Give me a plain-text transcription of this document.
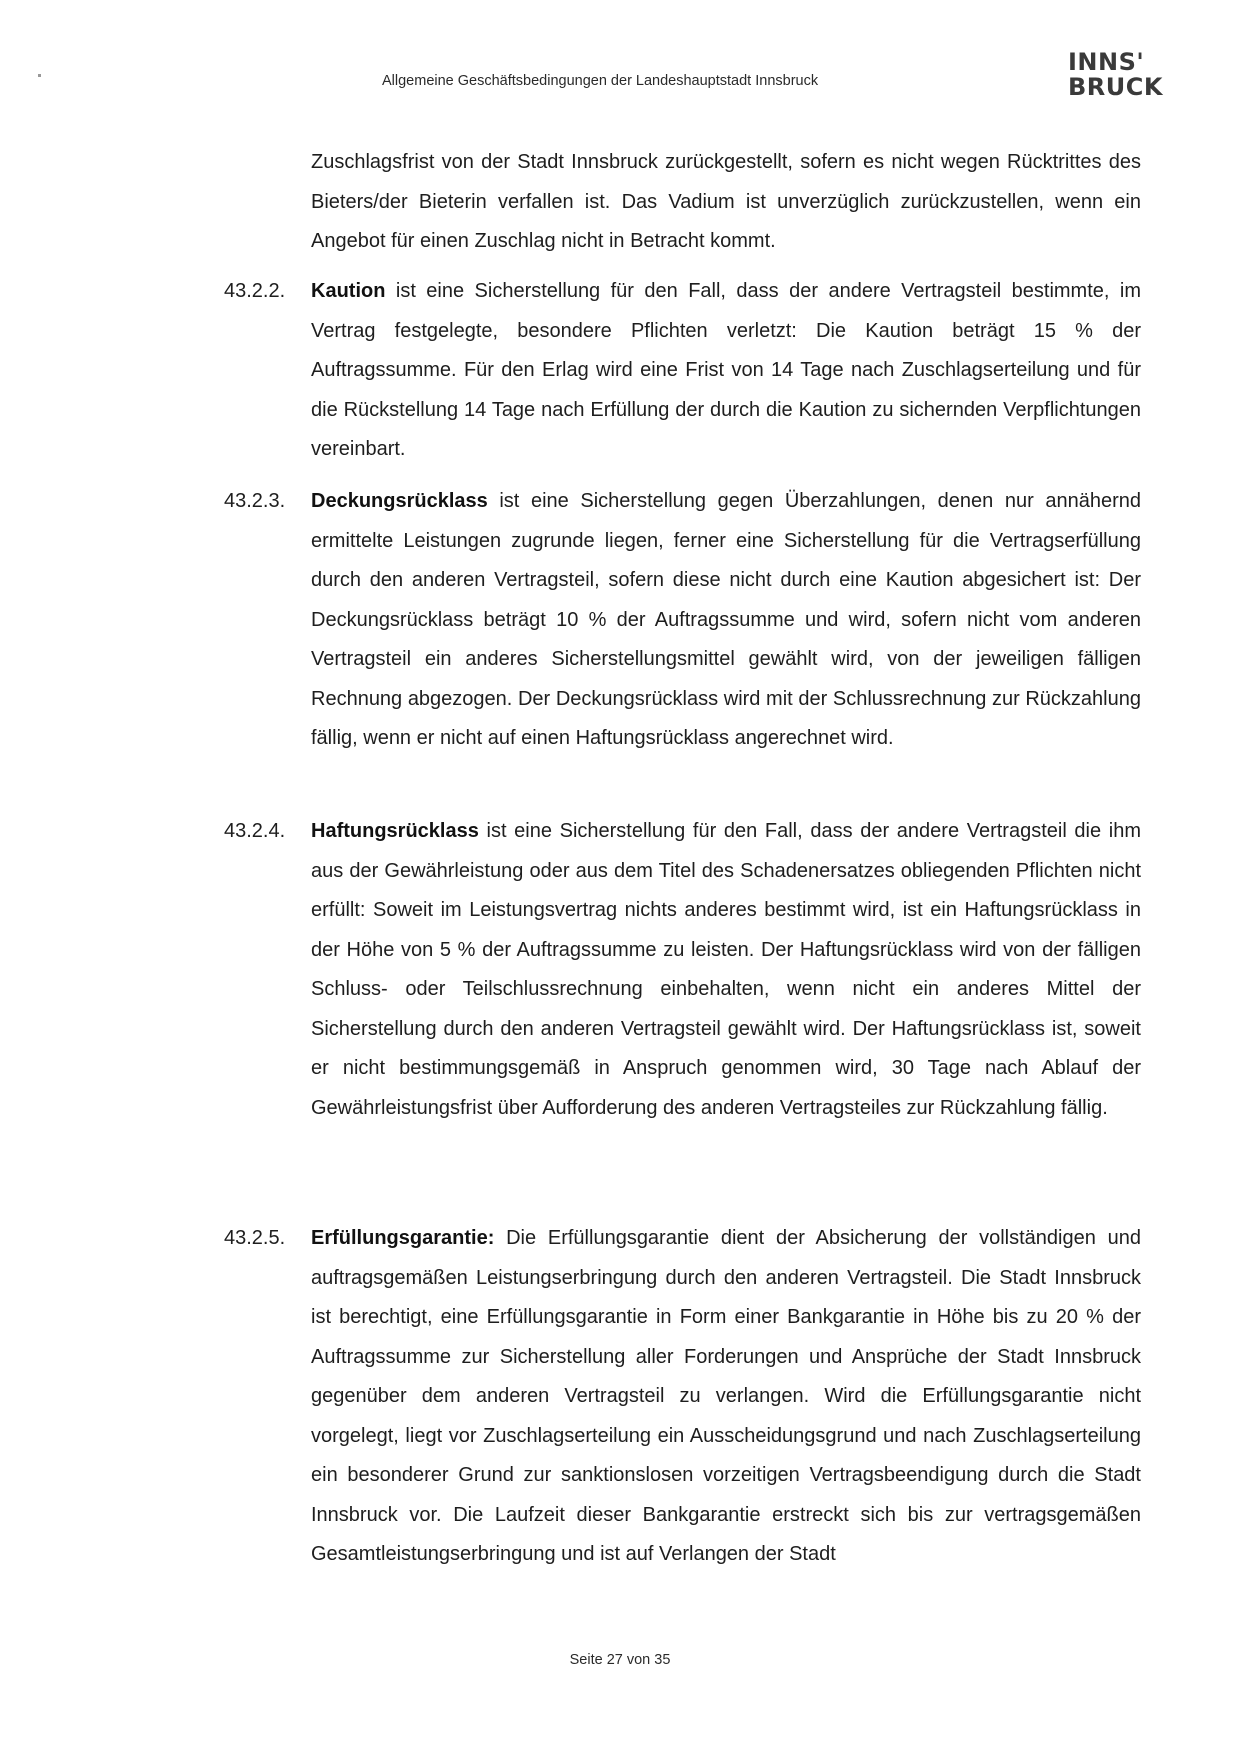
Allgemeine Geschäftsbedingungen der Landeshauptstadt Innsbruck
INNS'
BRUCK
Zuschlagsfrist von der Stadt Innsbruck zurückgestellt, sofern es nicht wegen Rücktrittes des Bieters/der Bieterin verfallen ist. Das Vadium ist unverzüglich zurückzustellen, wenn ein Angebot für einen Zuschlag nicht in Betracht kommt.
43.2.2.	Kaution ist eine Sicherstellung für den Fall, dass der andere Vertragsteil bestimmte, im Vertrag festgelegte, besondere Pflichten verletzt: Die Kaution beträgt 15 % der Auftragssumme. Für den Erlag wird eine Frist von 14 Tage nach Zuschlagserteilung und für die Rückstellung 14 Tage nach Erfüllung der durch die Kaution zu sichernden Verpflichtungen vereinbart.
43.2.3.	Deckungsrücklass ist eine Sicherstellung gegen Überzahlungen, denen nur annähernd ermittelte Leistungen zugrunde liegen, ferner eine Sicherstellung für die Vertragserfüllung durch den anderen Vertragsteil, sofern diese nicht durch eine Kaution abgesichert ist: Der Deckungsrücklass beträgt 10 % der Auftragssumme und wird, sofern nicht vom anderen Vertragsteil ein anderes Sicherstellungsmittel gewählt wird, von der jeweiligen fälligen Rechnung abgezogen. Der Deckungsrücklass wird mit der Schlussrechnung zur Rückzahlung fällig, wenn er nicht auf einen Haftungsrücklass angerechnet wird.
43.2.4.	Haftungsrücklass ist eine Sicherstellung für den Fall, dass der andere Vertragsteil die ihm aus der Gewährleistung oder aus dem Titel des Schadenersatzes obliegenden Pflichten nicht erfüllt: Soweit im Leistungsvertrag nichts anderes bestimmt wird, ist ein Haftungsrücklass in der Höhe von 5 % der Auftragssumme zu leisten. Der Haftungsrücklass wird von der fälligen Schluss- oder Teilschlussrechnung einbehalten, wenn nicht ein anderes Mittel der Sicherstellung durch den anderen Vertragsteil gewählt wird. Der Haftungsrücklass ist, soweit er nicht bestimmungsgemäß in Anspruch genommen wird, 30 Tage nach Ablauf der Gewährleistungsfrist über Aufforderung des anderen Vertragsteiles zur Rückzahlung fällig.
43.2.5.	Erfüllungsgarantie: Die Erfüllungsgarantie dient der Absicherung der vollständigen und auftragsgemäßen Leistungserbringung durch den anderen Vertragsteil. Die Stadt Innsbruck ist berechtigt, eine Erfüllungsgarantie in Form einer Bankgarantie in Höhe bis zu 20 % der Auftragssumme zur Sicherstellung aller Forderungen und Ansprüche der Stadt Innsbruck gegenüber dem anderen Vertragsteil zu verlangen. Wird die Erfüllungsgarantie nicht vorgelegt, liegt vor Zuschlagserteilung ein Ausscheidungsgrund und nach Zuschlagserteilung ein besonderer Grund zur sanktionslosen vorzeitigen Vertragsbeendigung durch die Stadt Innsbruck vor. Die Laufzeit dieser Bankgarantie erstreckt sich bis zur vertragsgemäßen Gesamtleistungserbringung und ist auf Verlangen der Stadt
Seite 27 von 35
